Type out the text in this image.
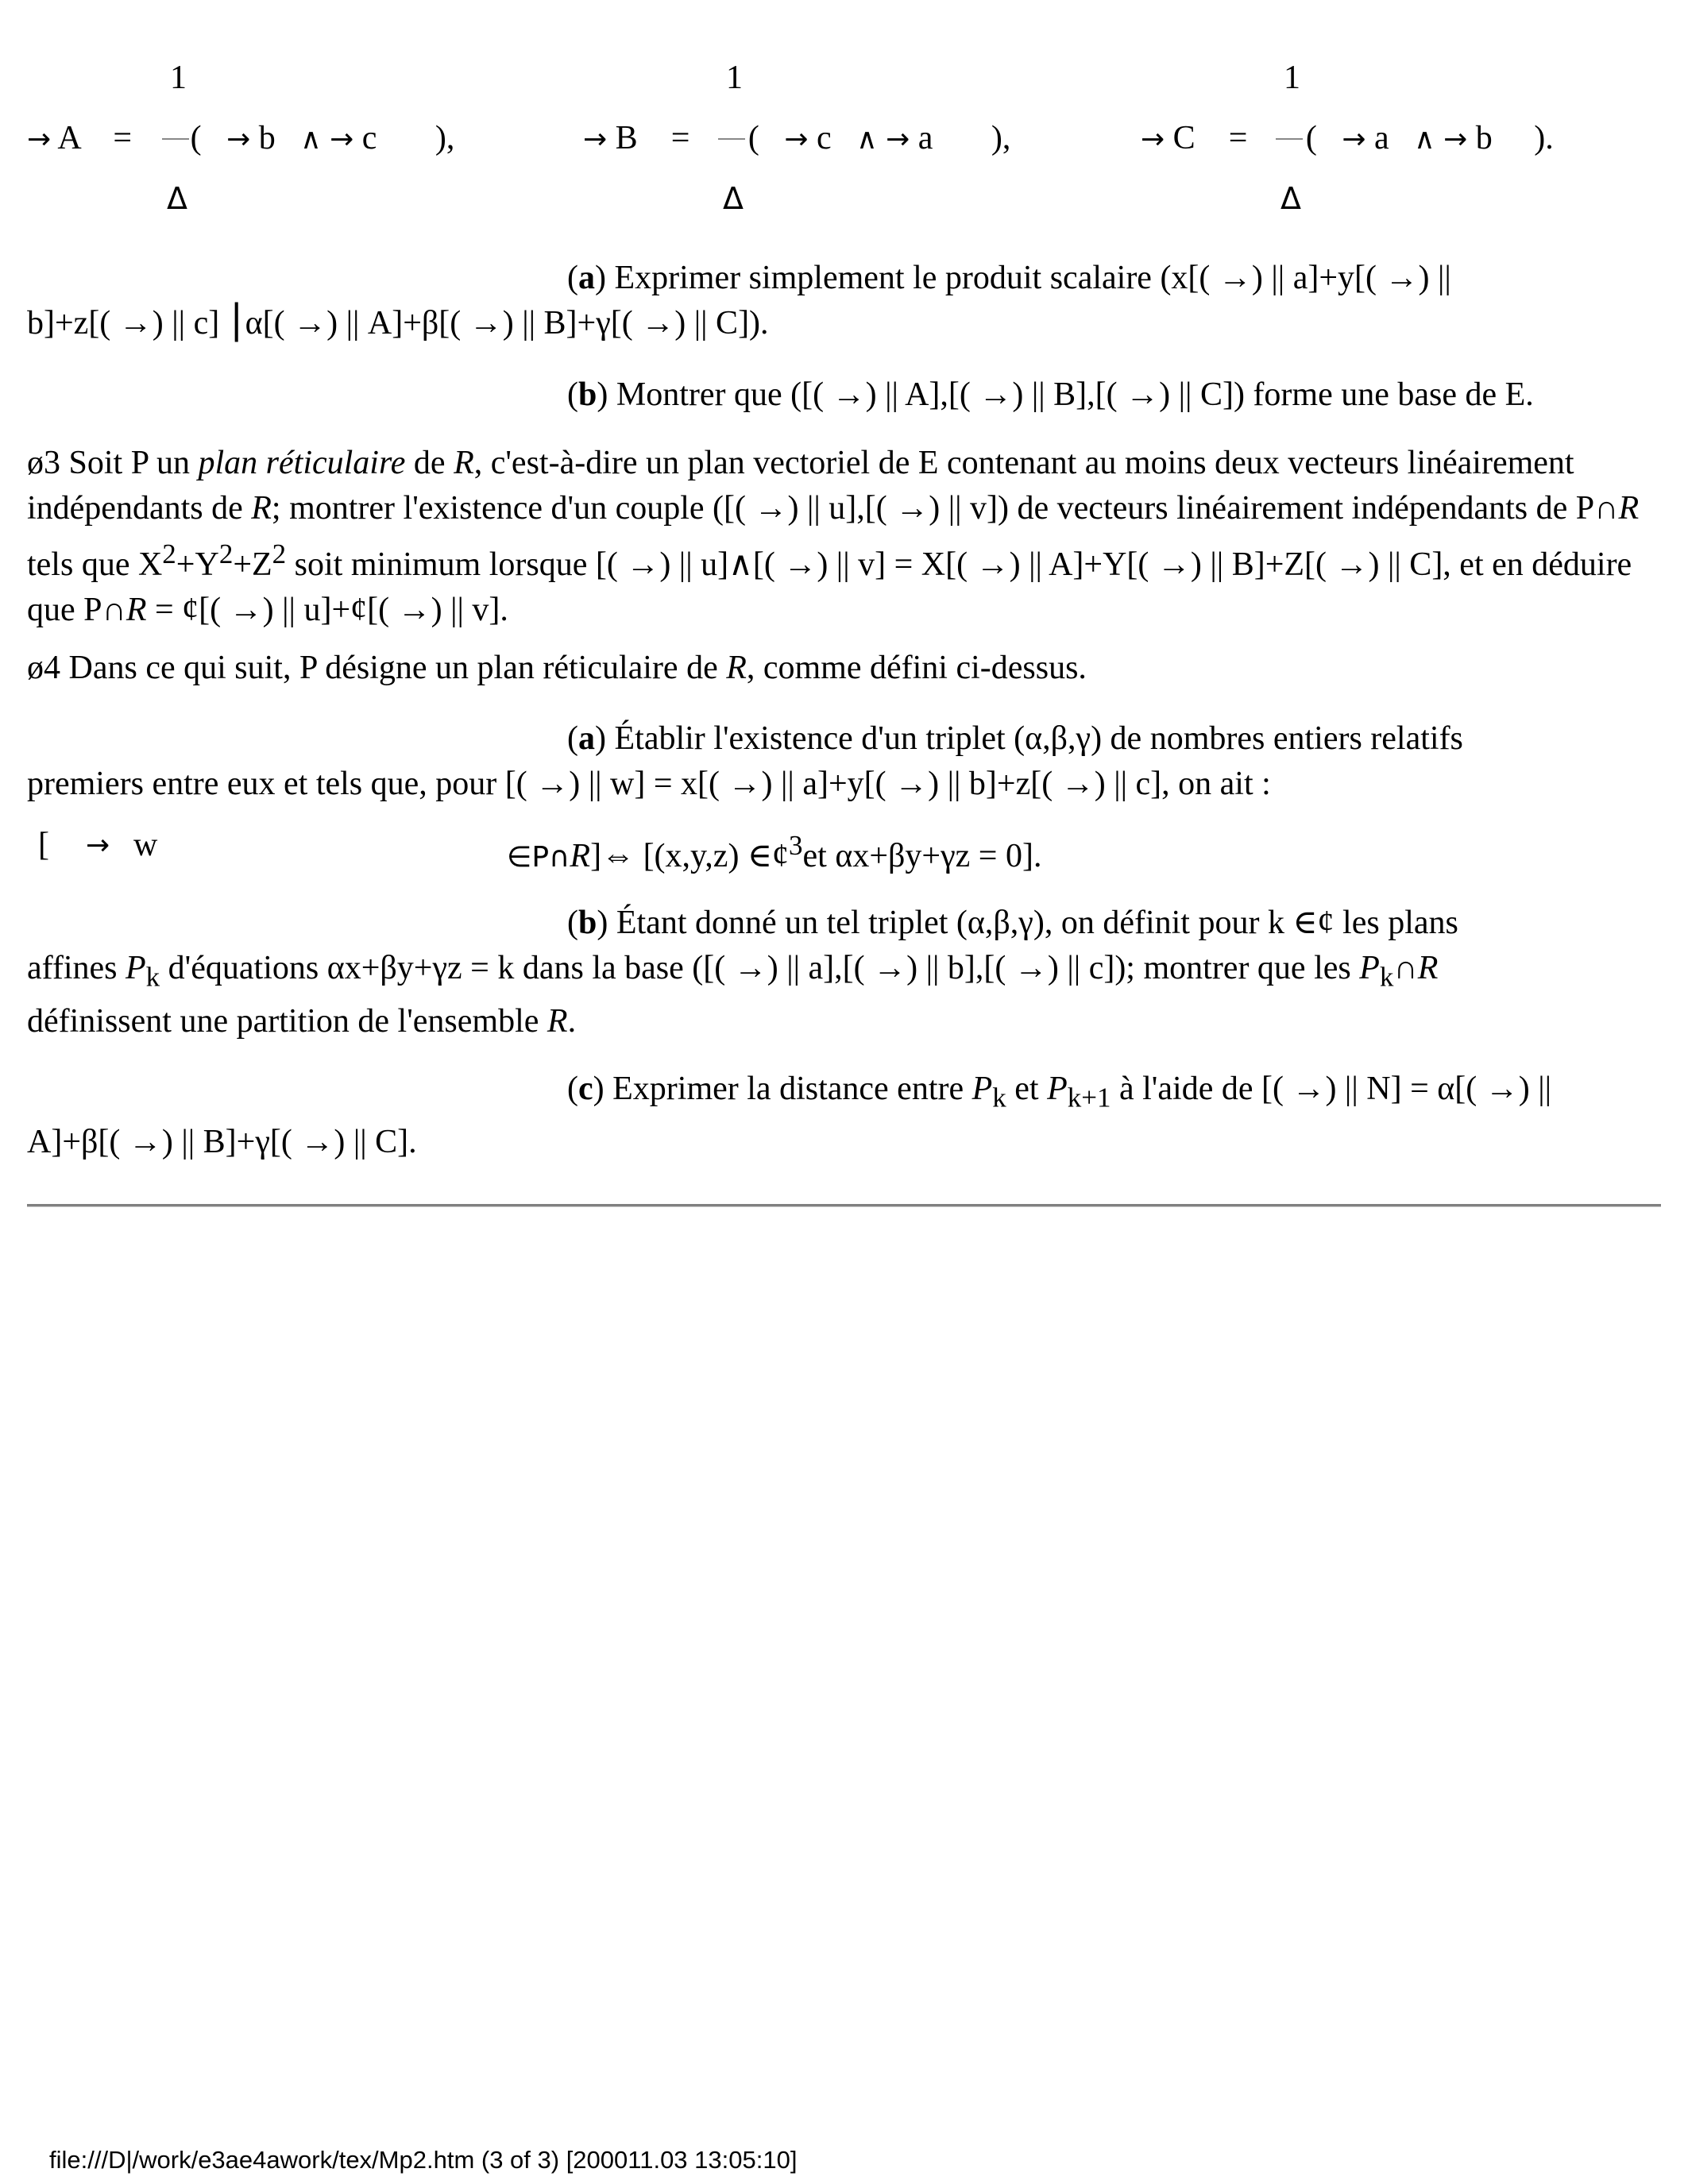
1
Δ
→ A = ( → b ∧ → c ),
1
Δ
→ B = ( → c ∧ → a ),
1
Δ
→ C = ( → a ∧ → b ).

(a) Exprimer simplement le produit scalaire (x[( →) || a]+y[( →) ||
b]+z[( →) || c] ⎮α[( →) || A]+β[( →) || B]+γ[( →) || C]).

(b) Montrer que ([( →) || A],[( →) || B],[( →) || C]) forme une base de E.

ø3 Soit P un plan réticulaire de R, c'est-à-dire un plan vectoriel de E contenant au moins deux vecteurs linéairement indépendants de R; montrer l'existence d'un couple ([( →) || u],[( →) || v]) de vecteurs linéairement indépendants de P∩R tels que $X^2+Y^2+Z^2$ soit minimum lorsque [( →) || u]∧[( →) || v] = X[( →) || A]+Y[( →) || B]+Z[( →) || C], et en déduire que P∩R = ¢[( →) || u]+¢[( →) || v].

ø4 Dans ce qui suit, P désigne un plan réticulaire de R, comme défini ci-dessus.

(a) Établir l'existence d'un triplet (α,β,γ) de nombres entiers relatifs
premiers entre eux et tels que, pour [( →) || w] = x[( →) || a]+y[( →) || b]+z[( →) || c], on ait :

[ → w	∈P∩R]⇔ [(x,y,z) ∈¢$^3$et αx+βy+γz = 0].

(b) Étant donné un tel triplet (α,β,γ), on définit pour k ∈¢ les plans
affines $P_k$ d'équations αx+βy+γz = k dans la base ([( →) || a],[( →) || b],[( →) || c]); montrer que les $P_k\cap R$
définissent une partition de l'ensemble R.

(c) Exprimer la distance entre $P_k$ et $P_{k+1}$ à l'aide de [( →) || N] = α[( →) ||
A]+β[( →) || B]+γ[( →) || C].

file:///D|/work/e3ae4awork/tex/Mp2.htm (3 of 3) [200011.03 13:05:10]
